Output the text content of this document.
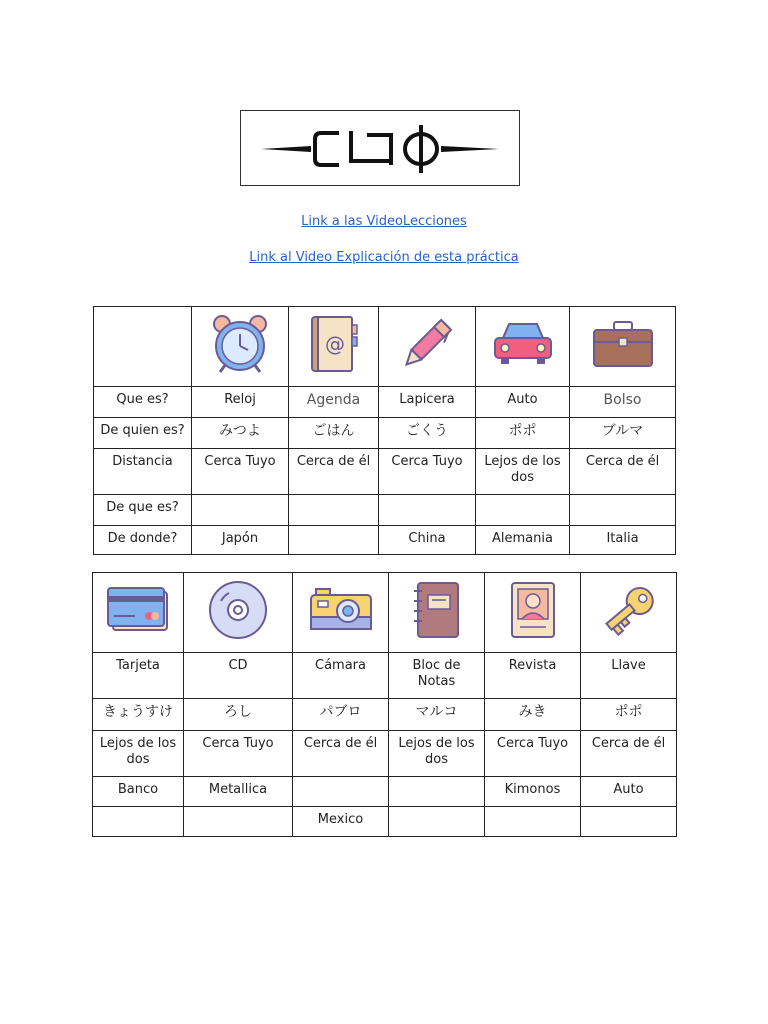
Link a las VideoLecciones
Link al Video Explicación de esta práctica

@

Que es?	Reloj	Agenda	Lapicera	Auto	Bolso
De quien es?	みつよ	ごはん	ごくう	ポポ	ブルマ
Distancia	Cerca Tuyo	Cerca de él	Cerca Tuyo	Lejos de los dos	Cerca de él
De que es?					
De donde?	Japón		China	Alemania	Italia

Tarjeta	CD	Cámara	Bloc de Notas	Revista	Llave
きょうすけ	ろし	パブロ	マルコ	みき	ポポ
Lejos de los dos	Cerca Tuyo	Cerca de él	Lejos de los dos	Cerca Tuyo	Cerca de él
Banco	Metallica			Kimonos	Auto
		Mexico			
